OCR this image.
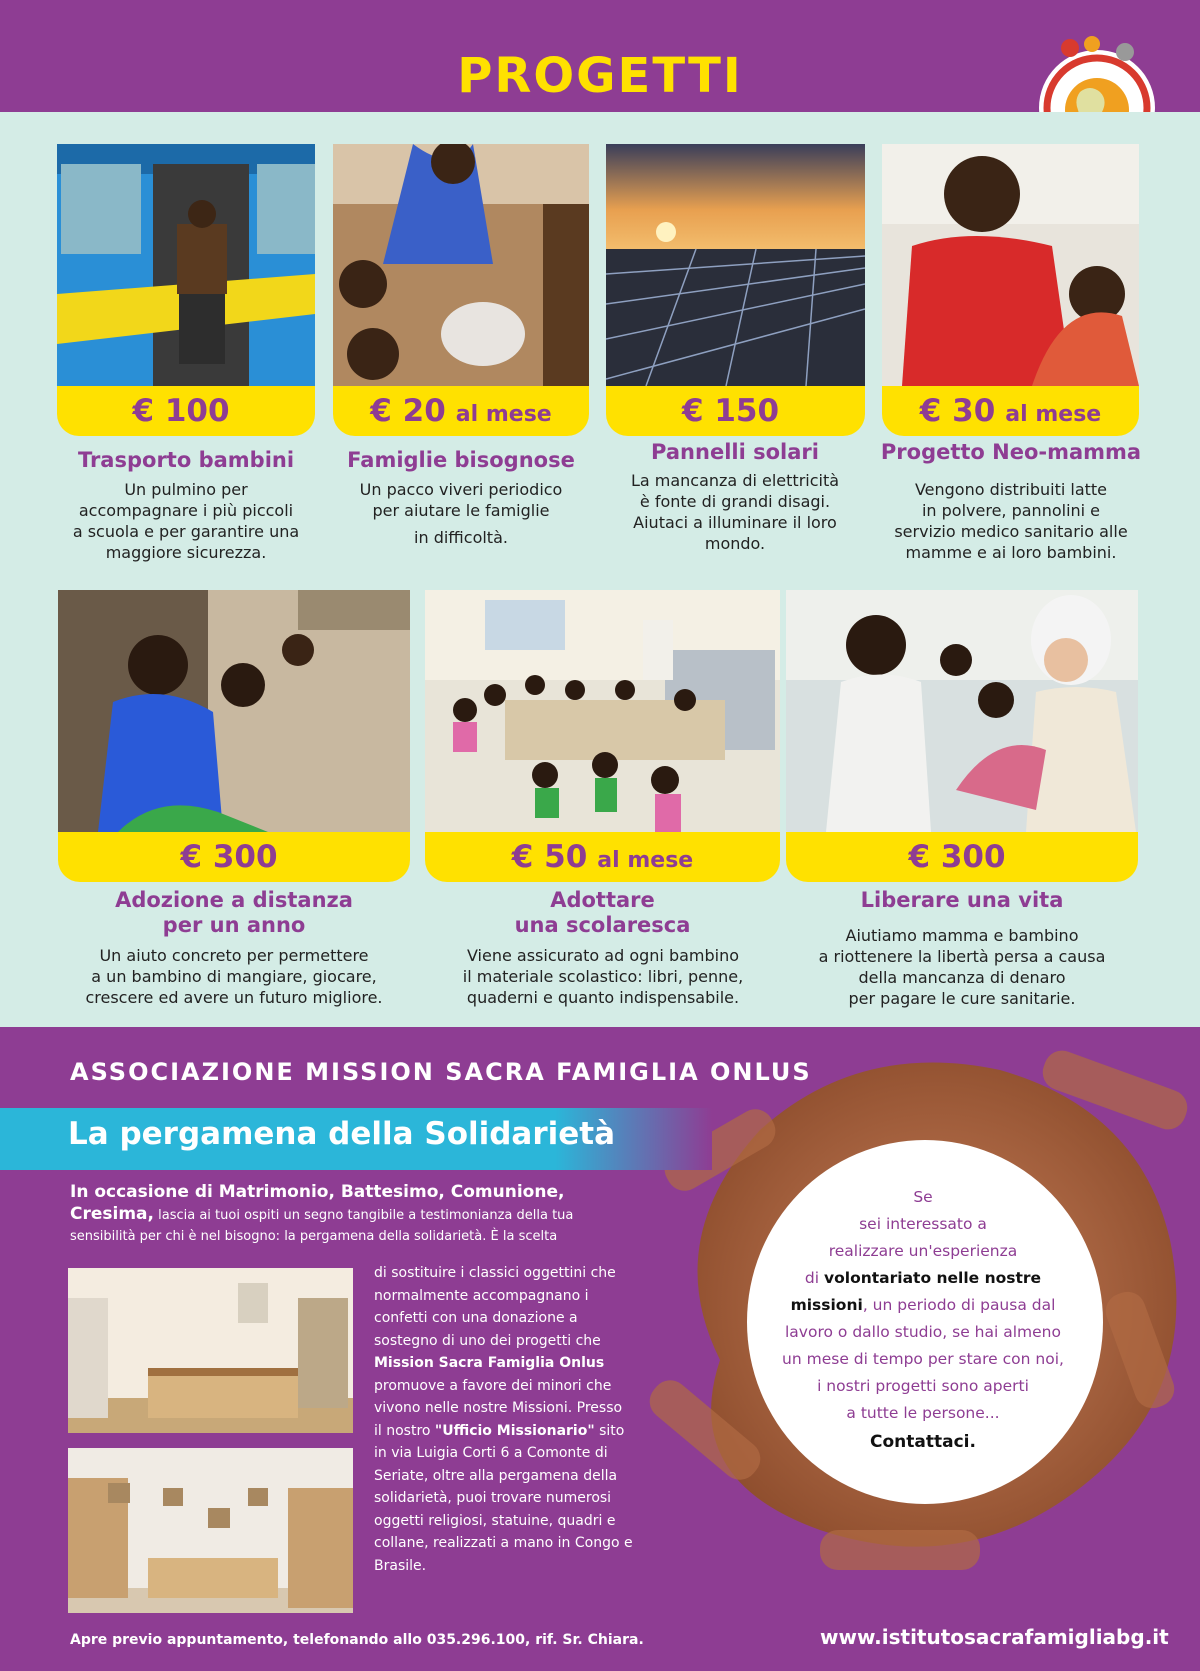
PROGETTI
€ 100
Trasporto bambini
Un pulmino per
accompagnare i più piccoli
a scuola e per garantire una
maggiore sicurezza.
€ 20 al mese
Famiglie bisognose
Un pacco viveri periodico
per aiutare le famiglie
in difficoltà.
€ 150
Pannelli solari
La mancanza di elettricità
è fonte di grandi disagi.
Aiutaci a illuminare il loro
mondo.
€ 30 al mese
Progetto Neo-mamma
Vengono distribuiti latte
in polvere, pannolini e
servizio medico sanitario alle
mamme e ai loro bambini.
€ 300
Adozione a distanza
per un anno
Un aiuto concreto per permettere
a un bambino di mangiare, giocare,
crescere ed avere un futuro migliore.
€ 50 al mese
Adottare
una scolaresca
Viene assicurato ad ogni bambino
il materiale scolastico: libri, penne,
quaderni e quanto indispensabile.
€ 300
Liberare una vita
Aiutiamo mamma e bambino
a riottenere la libertà persa a causa
della mancanza di denaro
per pagare le cure sanitarie.
ASSOCIAZIONE MISSION SACRA FAMIGLIA ONLUS
La pergamena della Solidarietà
In occasione di Matrimonio, Battesimo, Comunione, Cresima, lascia ai tuoi ospiti un segno tangibile a testimonianza della tua sensibilità per chi è nel bisogno: la pergamena della solidarietà. È la scelta
di sostituire i classici oggettini che normalmente accompagnano i confetti con una donazione a sostegno di uno dei progetti che Mission Sacra Famiglia Onlus promuove a favore dei minori che vivono nelle nostre Missioni. Presso il nostro "Ufficio Missionario" sito in via Luigia Corti 6 a Comonte di Seriate, oltre alla pergamena della solidarietà, puoi trovare numerosi oggetti religiosi, statuine, quadri e collane, realizzati a mano in Congo e Brasile.
Se
sei interessato a
realizzare un'esperienza
di volontariato nelle nostre
missioni, un periodo di pausa dal
lavoro o dallo studio, se hai almeno
un mese di tempo per stare con noi,
i nostri progetti sono aperti
a tutte le persone...
Contattaci.
Apre previo appuntamento, telefonando allo 035.296.100, rif. Sr. Chiara.	www.istitutosacrafamigliabg.it
